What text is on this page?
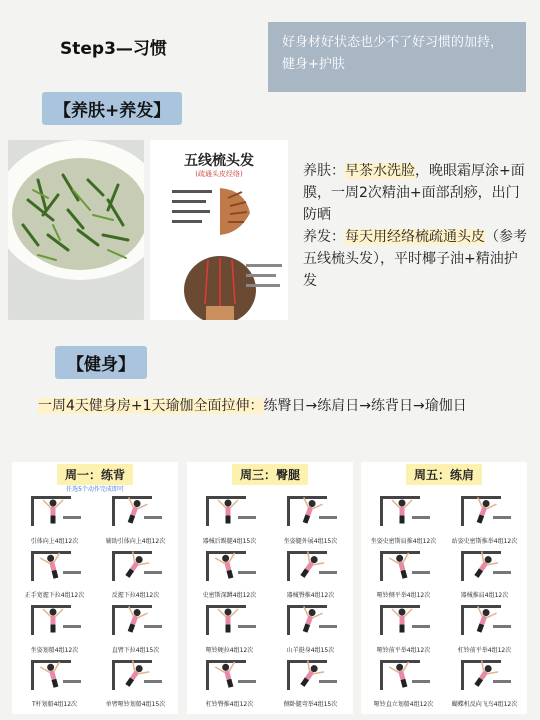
Step3—习惯	好身材好状态也少不了好习惯的加持，健身+护肤
【养肤+养发】
五线梳头发
(疏通头皮经络)	养肤：早茶水洗脸，晚眼霜厚涂+面膜，一周2次精油+面部刮痧，出门防晒
养发：每天用经络梳疏通头皮（参考五线梳头发），平时椰子油+精油护发
【健身】
一周4天健身房+1天瑜伽全面拉伸：练臀日→练肩日→练背日→瑜伽日
周一：练背
任选5个动作完成即可
引体向上4组12次	辅助引体向上4组12次
正手宽握下拉4组12次	反握下拉4组12次
坐姿划船4组12次	直臂下拉4组15次
T杆划船4组12次	单臂哑铃划船4组15次
周三：臀腿
器械后踢腿4组15次	坐姿腿外展4组15次
史密斯深蹲4组12次	器械臀推4组12次
哑铃硬拉4组12次	山羊挺身4组15次
杠铃臀推4组12次	侧卧腿弯举4组15次
周五：练肩
坐姿史密斯肩推4组12次	站姿史密斯推举4组12次
哑铃侧平举4组12次	器械推肩4组12次
哑铃前平举4组12次	杠铃前平举4组12次
哑铃直立划船4组12次	蝴蝶机反向飞鸟4组12次
